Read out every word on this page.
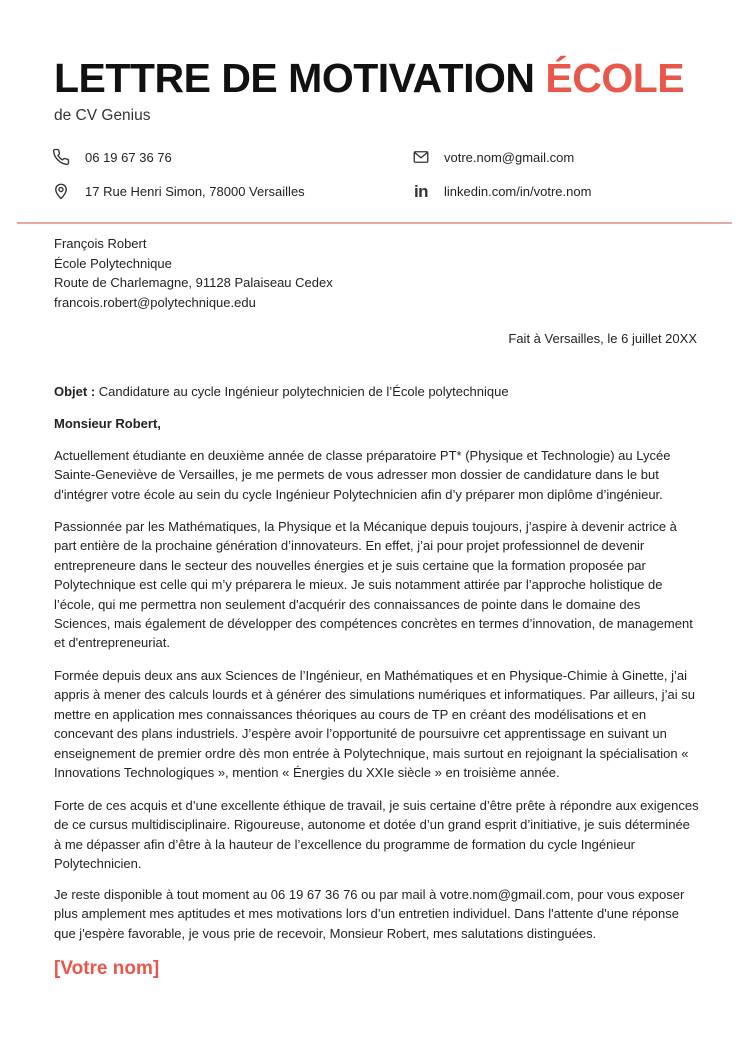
LETTRE DE MOTIVATION ÉCOLE
de CV Genius
06 19 67 36 76
17 Rue Henri Simon, 78000 Versailles
votre.nom@gmail.com
in linkedin.com/in/votre.nom
François Robert
École Polytechnique
Route de Charlemagne, 91128 Palaiseau Cedex
francois.robert@polytechnique.edu
Fait à Versailles, le 6 juillet 20XX
Objet : Candidature au cycle Ingénieur polytechnicien de l’École polytechnique
Monsieur Robert,

Actuellement étudiante en deuxième année de classe préparatoire PT* (Physique et Technologie) au Lycée Sainte-Geneviève de Versailles, je me permets de vous adresser mon dossier de candidature dans le but d'intégrer votre école au sein du cycle Ingénieur Polytechnicien afin d’y préparer mon diplôme d’ingénieur.

Passionnée par les Mathématiques, la Physique et la Mécanique depuis toujours, j’aspire à devenir actrice à part entière de la prochaine génération d’innovateurs. En effet, j’ai pour projet professionnel de devenir entrepreneure dans le secteur des nouvelles énergies et je suis certaine que la formation proposée par Polytechnique est celle qui m’y préparera le mieux. Je suis notamment attirée par l’approche holistique de l’école, qui me permettra non seulement d'acquérir des connaissances de pointe dans le domaine des Sciences, mais également de développer des compétences concrètes en termes d’innovation, de management et d'entrepreneuriat.

Formée depuis deux ans aux Sciences de l’Ingénieur, en Mathématiques et en Physique-Chimie à Ginette, j’ai appris à mener des calculs lourds et à générer des simulations numériques et informatiques. Par ailleurs, j’ai su mettre en application mes connaissances théoriques au cours de TP en créant des modélisations et en concevant des plans industriels. J’espère avoir l’opportunité de poursuivre cet apprentissage en suivant un enseignement de premier ordre dès mon entrée à Polytechnique, mais surtout en rejoignant la spécialisation « Innovations Technologiques », mention « Énergies du XXIe siècle » en troisième année.

Forte de ces acquis et d’une excellente éthique de travail, je suis certaine d’être prête à répondre aux exigences de ce cursus multidisciplinaire. Rigoureuse, autonome et dotée d’un grand esprit d’initiative, je suis déterminée à me dépasser afin d’être à la hauteur de l’excellence du programme de formation du cycle Ingénieur Polytechnicien.

Je reste disponible à tout moment au 06 19 67 36 76 ou par mail à votre.nom@gmail.com, pour vous exposer plus amplement mes aptitudes et mes motivations lors d’un entretien individuel. Dans l'attente d'une réponse que j'espère favorable, je vous prie de recevoir, Monsieur Robert, mes salutations distinguées.

[Votre nom]
